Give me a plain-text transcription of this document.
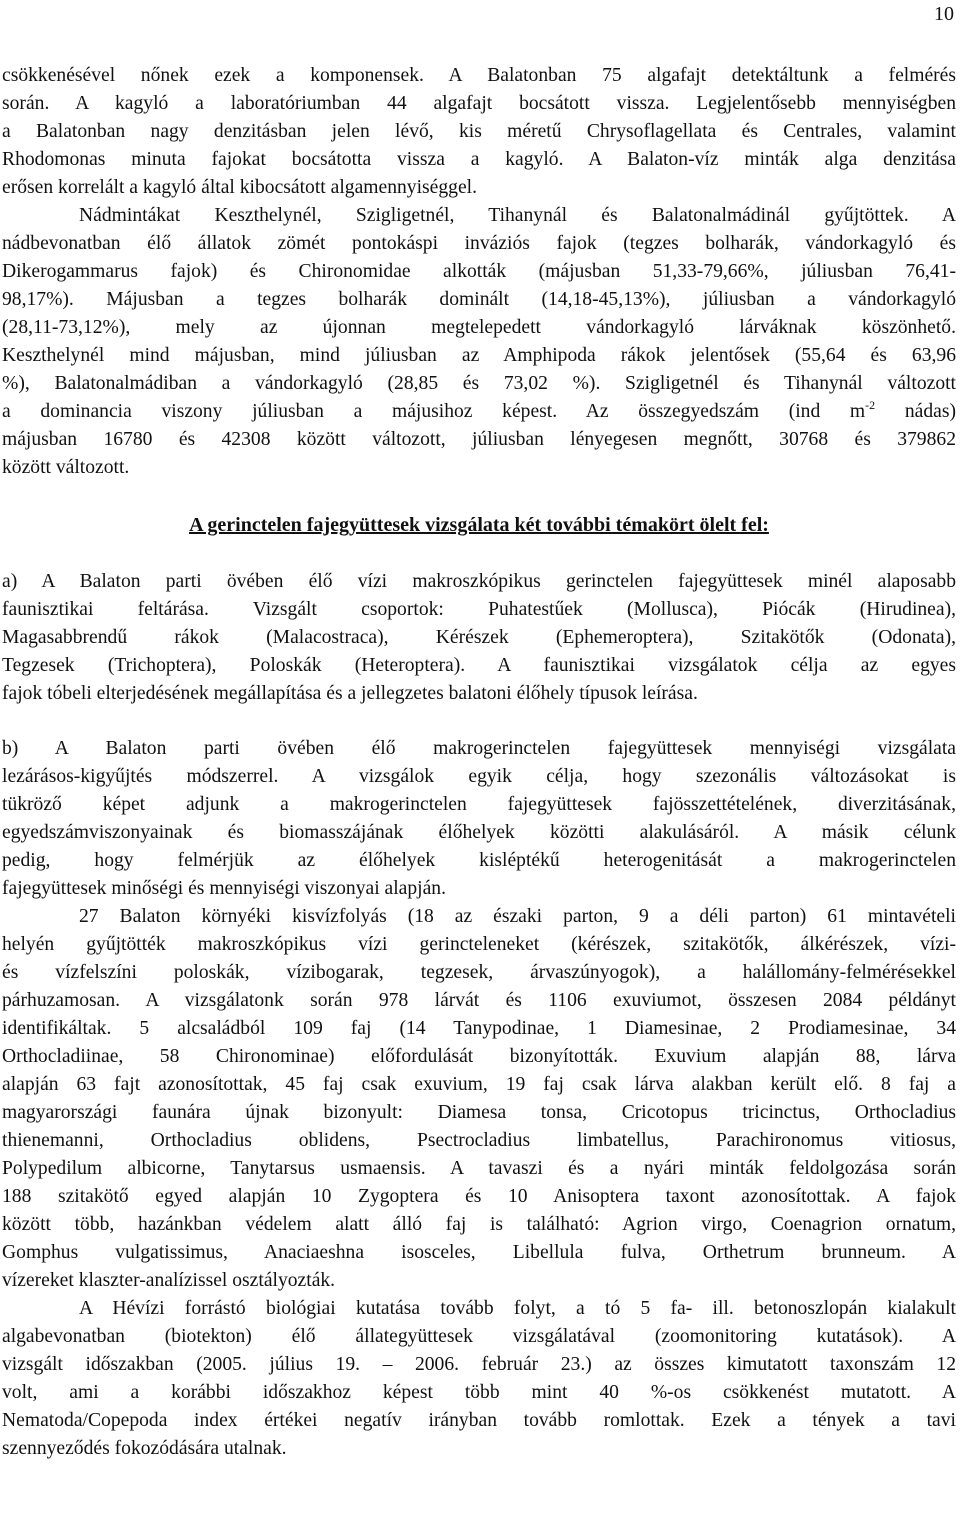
10

csökkenésével nőnek ezek a komponensek. A Balatonban 75 algafajt detektáltunk a felmérés
során. A kagyló a laboratóriumban 44 algafajt bocsátott vissza. Legjelentősebb mennyiségben
a Balatonban nagy denzitásban jelen lévő, kis méretű Chrysoflagellata és Centrales, valamint
Rhodomonas minuta fajokat bocsátotta vissza a kagyló. A Balaton-víz minták alga denzitása
erősen korrelált a kagyló által kibocsátott algamennyiséggel.

Nádmintákat Keszthelynél, Szigligetnél, Tihanynál és Balatonalmádinál gyűjtöttek. A
nádbevonatban élő állatok zömét pontokáspi inváziós fajok (tegzes bolharák, vándorkagyló és
Dikerogammarus fajok) és Chironomidae alkották (májusban 51,33-79,66%, júliusban 76,41-
98,17%). Májusban a tegzes bolharák dominált (14,18-45,13%), júliusban a vándorkagyló
(28,11-73,12%), mely az újonnan megtelepedett vándorkagyló lárváknak köszönhető.
Keszthelynél mind májusban, mind júliusban az Amphipoda rákok jelentősek (55,64 és 63,96
%), Balatonalmádiban a vándorkagyló (28,85 és 73,02 %). Szigligetnél és Tihanynál változott
a dominancia viszony júliusban a májusihoz képest. Az összegyedszám (ind $m^{-2}$ nádas)
májusban 16780 és 42308 között változott, júliusban lényegesen megnőtt, 30768 és 379862
között változott.

A gerinctelen fajegyüttesek vizsgálata két további témakört ölelt fel:

a) A Balaton parti övében élő vízi makroszkópikus gerinctelen fajegyüttesek minél alaposabb
faunisztikai feltárása. Vizsgált csoportok: Puhatestűek (Mollusca), Piócák (Hirudinea),
Magasabbrendű rákok (Malacostraca), Kérészek (Ephemeroptera), Szitakötők (Odonata),
Tegzesek (Trichoptera), Poloskák (Heteroptera). A faunisztikai vizsgálatok célja az egyes
fajok tóbeli elterjedésének megállapítása és a jellegzetes balatoni élőhely típusok leírása.

b) A Balaton parti övében élő makrogerinctelen fajegyüttesek mennyiségi vizsgálata
lezárásos-kigyűjtés módszerrel. A vizsgálok egyik célja, hogy szezonális változásokat is
tükröző képet adjunk a makrogerinctelen fajegyüttesek fajösszettételének, diverzitásának,
egyedszámviszonyainak és biomasszájának élőhelyek közötti alakulásáról. A másik célunk
pedig, hogy felmérjük az élőhelyek kisléptékű heterogenitását a makrogerinctelen
fajegyüttesek minőségi és mennyiségi viszonyai alapján.

27 Balaton környéki kisvízfolyás (18 az északi parton, 9 a déli parton) 61 mintavételi
helyén gyűjtötték makroszkópikus vízi gerincteleneket (kérészek, szitakötők, álkérészek, vízi-
és vízfelszíni poloskák, vízibogarak, tegzesek, árvaszúnyogok), a halállomány-felmérésekkel
párhuzamosan. A vizsgálatonk során 978 lárvát és 1106 exuviumot, összesen 2084 példányt
identifikáltak. 5 alcsaládból 109 faj (14 Tanypodinae, 1 Diamesinae, 2 Prodiamesinae, 34
Orthocladiinae, 58 Chironominae) előfordulását bizonyították. Exuvium alapján 88, lárva
alapján 63 fajt azonosítottak, 45 faj csak exuvium, 19 faj csak lárva alakban került elő. 8 faj a
magyarországi faunára újnak bizonyult: Diamesa tonsa, Cricotopus tricinctus, Orthocladius
thienemanni, Orthocladius oblidens, Psectrocladius limbatellus, Parachironomus vitiosus,
Polypedilum albicorne, Tanytarsus usmaensis. A tavaszi és a nyári minták feldolgozása során
188 szitakötő egyed alapján 10 Zygoptera és 10 Anisoptera taxont azonosítottak. A fajok
között több, hazánkban védelem alatt álló faj is található: Agrion virgo, Coenagrion ornatum,
Gomphus vulgatissimus, Anaciaeshna isosceles, Libellula fulva, Orthetrum brunneum. A
vízereket klaszter-analízissel osztályozták.

A Hévízi forrástó biológiai kutatása tovább folyt, a tó 5 fa- ill. betonoszlopán kialakult
algabevonatban (biotekton) élő állategyüttesek vizsgálatával (zoomonitoring kutatások). A
vizsgált időszakban (2005. július 19. – 2006. február 23.) az összes kimutatott taxonszám 12
volt, ami a korábbi időszakhoz képest több mint 40 %-os csökkenést mutatott. A
Nematoda/Copepoda index értékei negatív irányban tovább romlottak. Ezek a tények a tavi
szennyeződés fokozódására utalnak.
